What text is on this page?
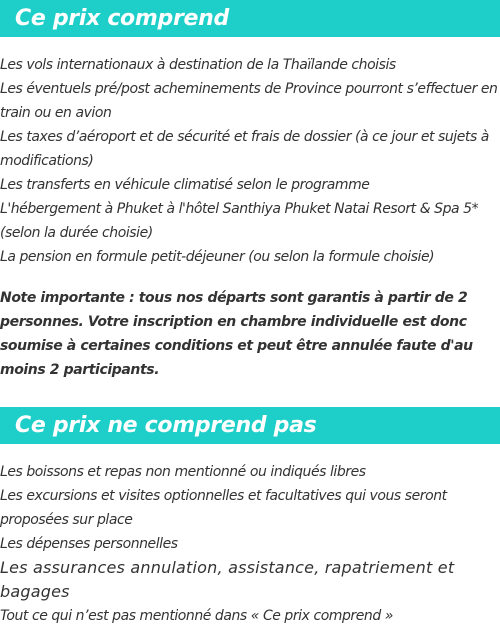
Ce prix comprend
Les vols internationaux à destination de la Thaïlande choisis
Les éventuels pré/post acheminements de Province pourront s’effectuer en train ou en avion
Les taxes d’aéroport et de sécurité et frais de dossier (à ce jour et sujets à modifications)
Les transferts en véhicule climatisé selon le programme
L'hébergement à Phuket à l'hôtel Santhiya Phuket Natai Resort & Spa 5* (selon la durée choisie)
La pension en formule petit-déjeuner (ou selon la formule choisie)
Note importante : tous nos départs sont garantis à partir de 2 personnes. Votre inscription en chambre individuelle est donc soumise à certaines conditions et peut être annulée faute d'au moins 2 participants.
Ce prix ne comprend pas
Les boissons et repas non mentionné ou indiqués libres
Les excursions et visites optionnelles et facultatives qui vous seront proposées sur place
Les dépenses personnelles
Les assurances annulation, assistance, rapatriement et bagages
Tout ce qui n’est pas mentionné dans « Ce prix comprend »
